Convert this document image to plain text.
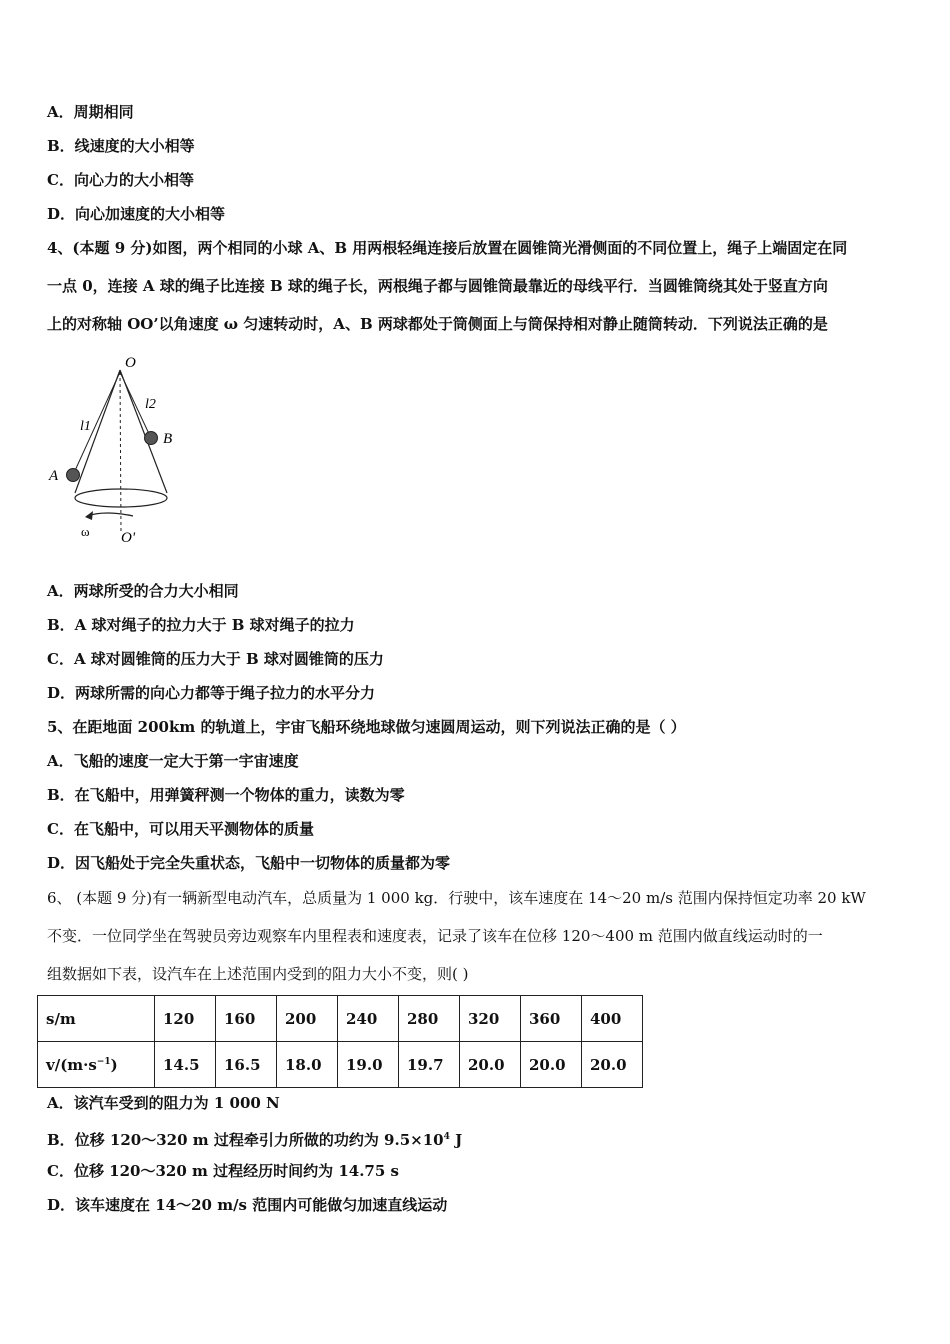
A．周期相同
B．线速度的大小相等
C．向心力的大小相等
D．向心加速度的大小相等
4、(本题 9 分)如图，两个相同的小球 A、B 用两根轻绳连接后放置在圆锥筒光滑侧面的不同位置上，绳子上端固定在同
一点 0，连接 A 球的绳子比连接 B 球的绳子长，两根绳子都与圆锥筒最靠近的母线平行．当圆锥筒绕其处于竖直方向
上的对称轴 OO’以角速度 ω 匀速转动时，A、B 两球都处于筒侧面上与筒保持相对静止随筒转动．下列说法正确的是
O
l2
l1
B
A
ω O'
A．两球所受的合力大小相同
B．A 球对绳子的拉力大于 B 球对绳子的拉力
C．A 球对圆锥筒的压力大于 B 球对圆锥筒的压力
D．两球所需的向心力都等于绳子拉力的水平分力
5、在距地面 200km 的轨道上，宇宙飞船环绕地球做匀速圆周运动，则下列说法正确的是（ ）
A．飞船的速度一定大于第一宇宙速度
B．在飞船中，用弹簧秤测一个物体的重力，读数为零
C．在飞船中，可以用天平测物体的质量
D．因飞船处于完全失重状态，飞船中一切物体的质量都为零
6、 (本题 9 分)有一辆新型电动汽车，总质量为 1 000 kg．行驶中，该车速度在 14～20 m/s 范围内保持恒定功率 20 kW
不变．一位同学坐在驾驶员旁边观察车内里程表和速度表，记录了该车在位移 120～400 m 范围内做直线运动时的一
组数据如下表，设汽车在上述范围内受到的阻力大小不变，则( )
s/m	120	160	200	240	280	320	360	400
$v/(m\cdot s^{-1})$	14.5	16.5	18.0	19.0	19.7	20.0	20.0	20.0
A．该汽车受到的阻力为 1 000 N
B．位移 120～320 m 过程牵引力所做的功约为 $9.5\times 10^4$ J
C．位移 120～320 m 过程经历时间约为 14.75 s
D．该车速度在 14～20 m/s 范围内可能做匀加速直线运动
